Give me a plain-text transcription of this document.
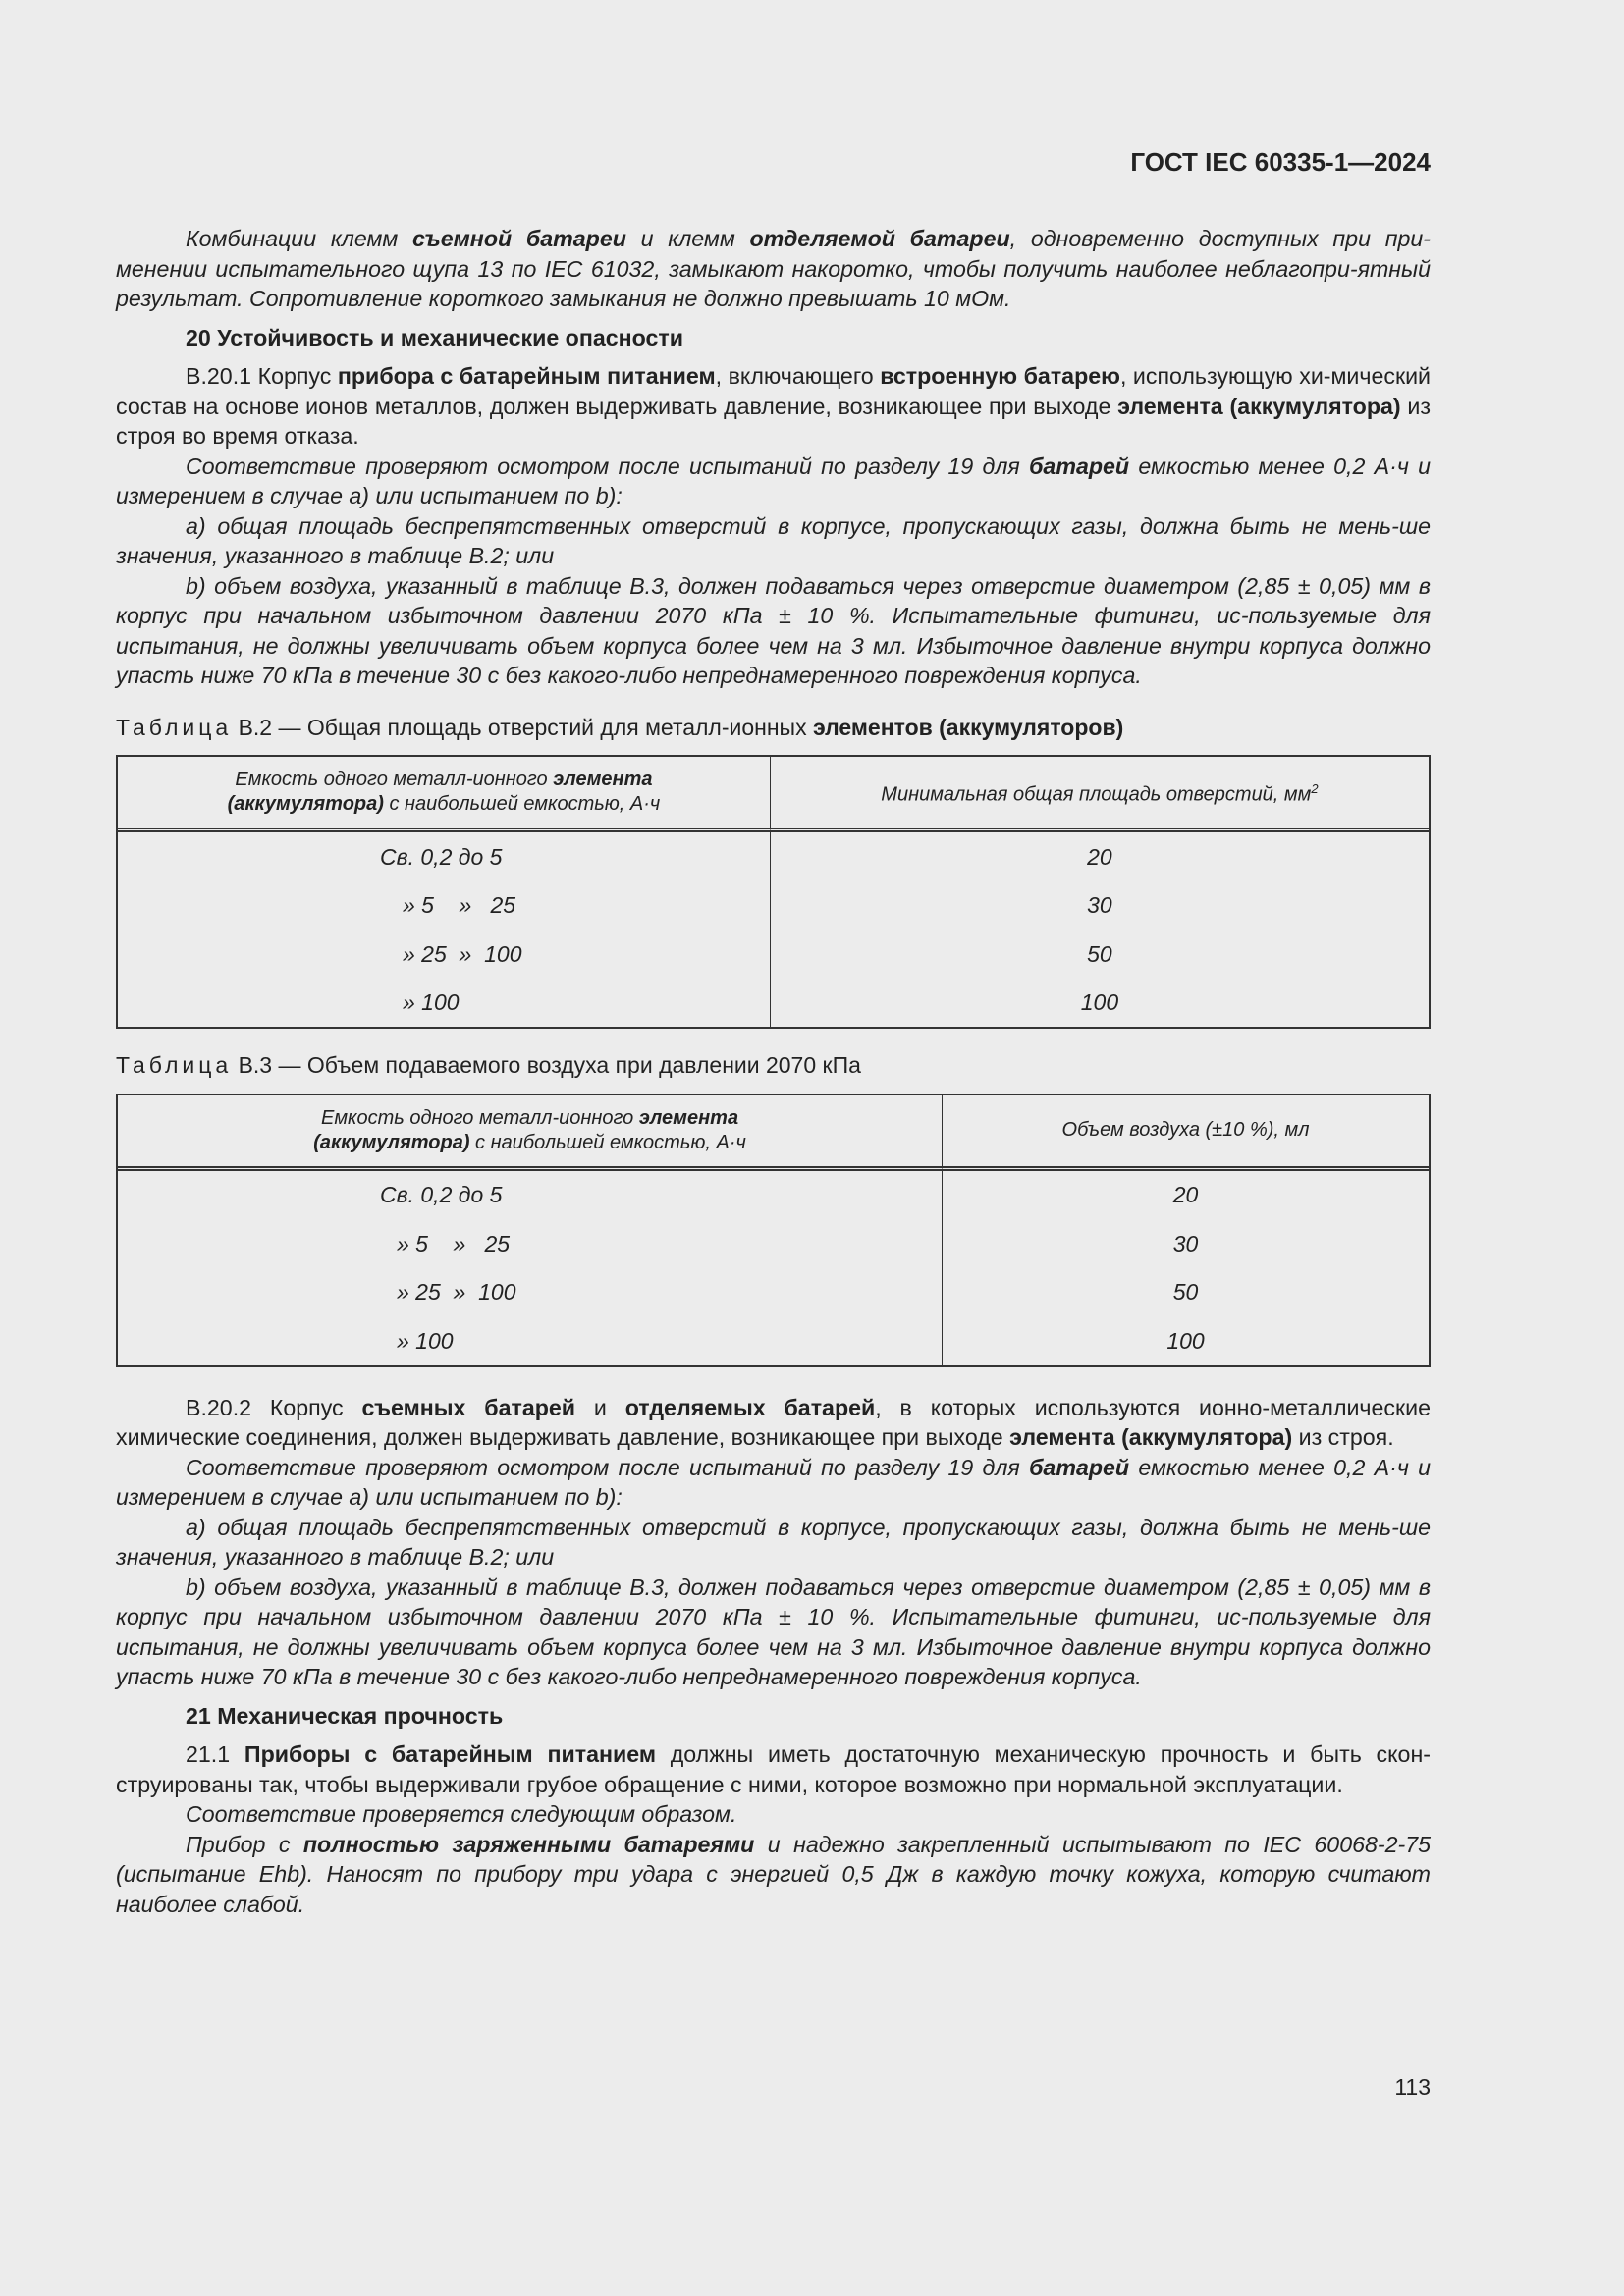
ГОСТ IEC 60335-1—2024

Комбинации клемм съемной батареи и клемм отделяемой батареи, одновременно доступных при при-менении испытательного щупа 13 по IEC 61032, замыкают накоротко, чтобы получить наиболее неблагопри-ятный результат. Сопротивление короткого замыкания не должно превышать 10 мОм.

20 Устойчивость и механические опасности

B.20.1 Корпус прибора с батарейным питанием, включающего встроенную батарею, использующую хи-мический состав на основе ионов металлов, должен выдерживать давление, возникающее при выходе элемента (аккумулятора) из строя во время отказа.

Соответствие проверяют осмотром после испытаний по разделу 19 для батарей емкостью менее 0,2 А·ч и измерением в случае a) или испытанием по b):

a) общая площадь беспрепятственных отверстий в корпусе, пропускающих газы, должна быть не мень-ше значения, указанного в таблице B.2; или

b) объем воздуха, указанный в таблице B.3, должен подаваться через отверстие диаметром (2,85 ± 0,05) мм в корпус при начальном избыточном давлении 2070 кПа ± 10 %. Испытательные фитинги, ис-пользуемые для испытания, не должны увеличивать объем корпуса более чем на 3 мл. Избыточное давление внутри корпуса должно упасть ниже 70 кПа в течение 30 с без какого-либо непреднамеренного повреждения корпуса.

Таблица B.2 — Общая площадь отверстий для металл-ионных элементов (аккумуляторов)

Емкость одного металл-ионного элемента
(аккумулятора) с наибольшей емкостью, А·ч	Минимальная общая площадь отверстий, $мм^2$
Св. 0,2 до 5	20
» 5    »   25	30
» 25  »  100	50
» 100	100

Таблица B.3 — Объем подаваемого воздуха при давлении 2070 кПа

Емкость одного металл-ионного элемента
(аккумулятора) с наибольшей емкостью, А·ч	Объем воздуха (±10 %), мл
Св. 0,2 до 5	20
» 5    »   25	30
» 25  »  100	50
» 100	100

B.20.2 Корпус съемных батарей и отделяемых батарей, в которых используются ионно-металлические химические соединения, должен выдерживать давление, возникающее при выходе элемента (аккумулятора) из строя.

Соответствие проверяют осмотром после испытаний по разделу 19 для батарей емкостью менее 0,2 А·ч и измерением в случае a) или испытанием по b):

a) общая площадь беспрепятственных отверстий в корпусе, пропускающих газы, должна быть не мень-ше значения, указанного в таблице B.2; или

b) объем воздуха, указанный в таблице B.3, должен подаваться через отверстие диаметром (2,85 ± 0,05) мм в корпус при начальном избыточном давлении 2070 кПа ± 10 %. Испытательные фитинги, ис-пользуемые для испытания, не должны увеличивать объем корпуса более чем на 3 мл. Избыточное давление внутри корпуса должно упасть ниже 70 кПа в течение 30 с без какого-либо непреднамеренного повреждения корпуса.

21 Механическая прочность

21.1 Приборы с батарейным питанием должны иметь достаточную механическую прочность и быть скон-струированы так, чтобы выдерживали грубое обращение с ними, которое возможно при нормальной эксплуатации.

Соответствие проверяется следующим образом.

Прибор с полностью заряженными батареями и надежно закрепленный испытывают по IEC 60068-2-75 (испытание Ehb). Наносят по прибору три удара с энергией 0,5 Дж в каждую точку кожуха, которую считают наиболее слабой.

113
